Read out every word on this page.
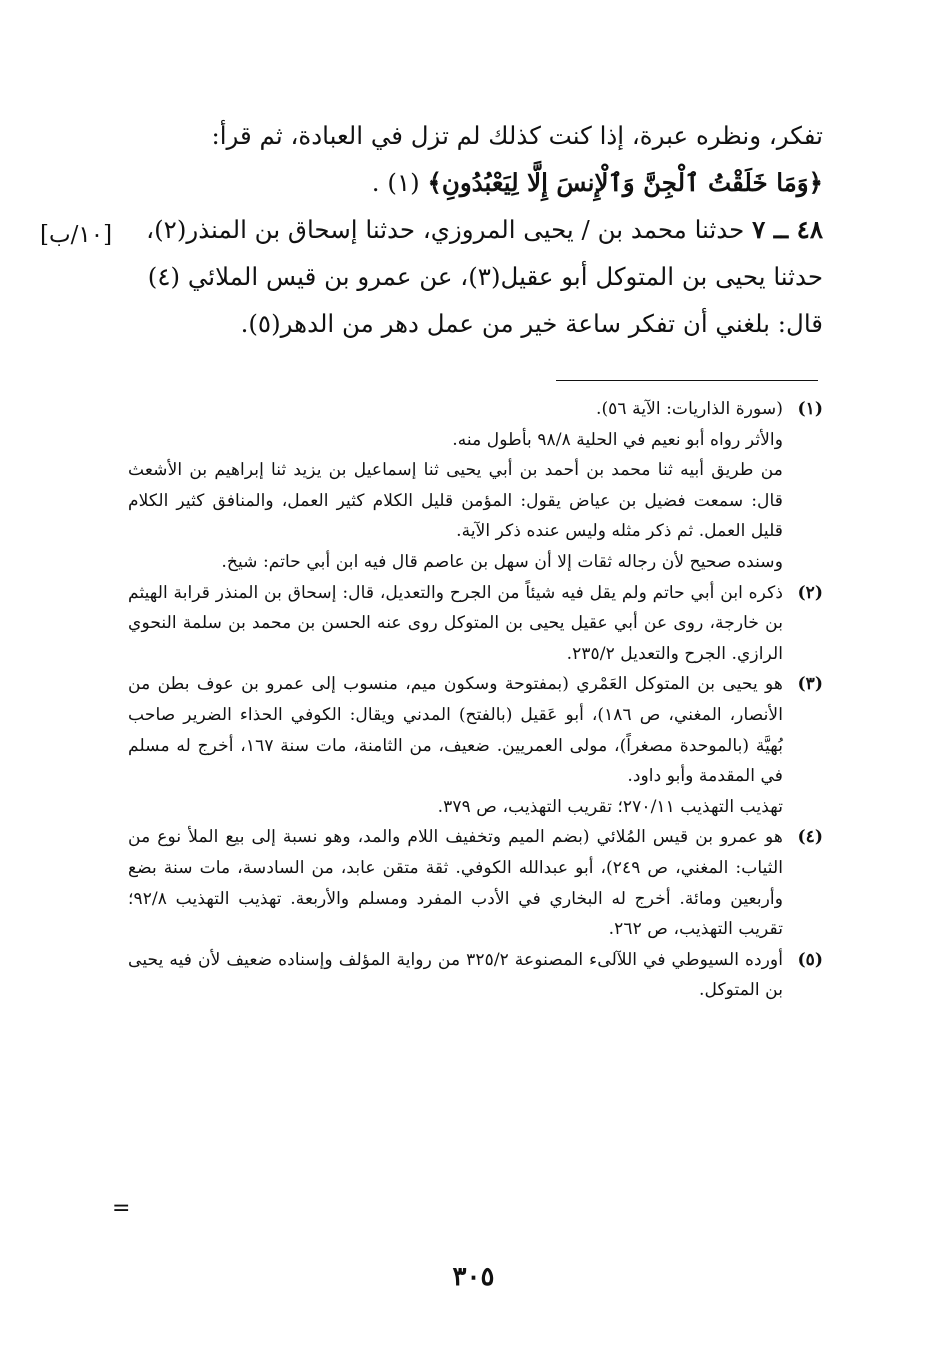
تفكر، ونظره عبرة، إذا كنت كذلك لم تزل في العبادة، ثم قرأ:

﴿وَمَا خَلَقْتُ ٱلْجِنَّ وَٱلْإِنسَ إِلَّا لِيَعْبُدُونِ﴾ (١) .

٤٨ ــ ٧ حدثنا محمد بن / يحيى المروزي، حدثنا إسحاق بن المنذر(٢)، حدثنا يحيى بن المتوكل أبو عقيل(٣)، عن عمرو بن قيس الملائي (٤) قال: بلغني أن تفكر ساعة خير من عمل دهر من الدهر(٥).

[١٠/ب]
(١)

(سورة الذاريات: الآية ٥٦).

والأثر رواه أبو نعيم في الحلية ٩٨/٨ بأطول منه.

من طريق أبيه ثنا محمد بن أحمد بن أبي يحيى ثنا إسماعيل بن يزيد ثنا إبراهيم بن الأشعث قال: سمعت فضيل بن عياض يقول: المؤمن قليل الكلام كثير العمل، والمنافق كثير الكلام قليل العمل. ثم ذكر مثله وليس عنده ذكر الآية.

وسنده صحيح لأن رجاله ثقات إلا أن سهل بن عاصم قال فيه ابن أبي حاتم: شيخ.

(٢)

ذكره ابن أبي حاتم ولم يقل فيه شيئاً من الجرح والتعديل، قال: إسحاق بن المنذر قرابة الهيثم بن خارجة، روى عن أبي عقيل يحيى بن المتوكل روى عنه الحسن بن محمد بن سلمة النحوي الرازي. الجرح والتعديل ٢٣٥/٢.

(٣)

هو يحيى بن المتوكل العَمْري (بمفتوحة وسكون ميم، منسوب إلى عمرو بن عوف بطن من الأنصار، المغني، ص ١٨٦)، أبو عَقيل (بالفتح) المدني ويقال: الكوفي الحذاء الضرير صاحب بُهيَّة (بالموحدة مصغراً)، مولى العمريين. ضعيف، من الثامنة، مات سنة ١٦٧، أخرج له مسلم في المقدمة وأبو داود.

تهذيب التهذيب ٢٧٠/١١؛ تقريب التهذيب، ص ٣٧٩.

(٤)

هو عمرو بن قيس المُلائي (بضم الميم وتخفيف اللام والمد، وهو نسبة إلى بيع الملأ نوع من الثياب: المغني، ص ٢٤٩)، أبو عبدالله الكوفي. ثقة متقن عابد، من السادسة، مات سنة بضع وأربعين ومائة. أخرج له البخاري في الأدب المفرد ومسلم والأربعة. تهذيب التهذيب ٩٢/٨؛ تقريب التهذيب، ص ٢٦٢.

(٥)

أورده السيوطي في اللآلىء المصنوعة ٣٢٥/٢ من رواية المؤلف وإسناده ضعيف لأن فيه يحيى بن المتوكل.

=
٣٠٥
